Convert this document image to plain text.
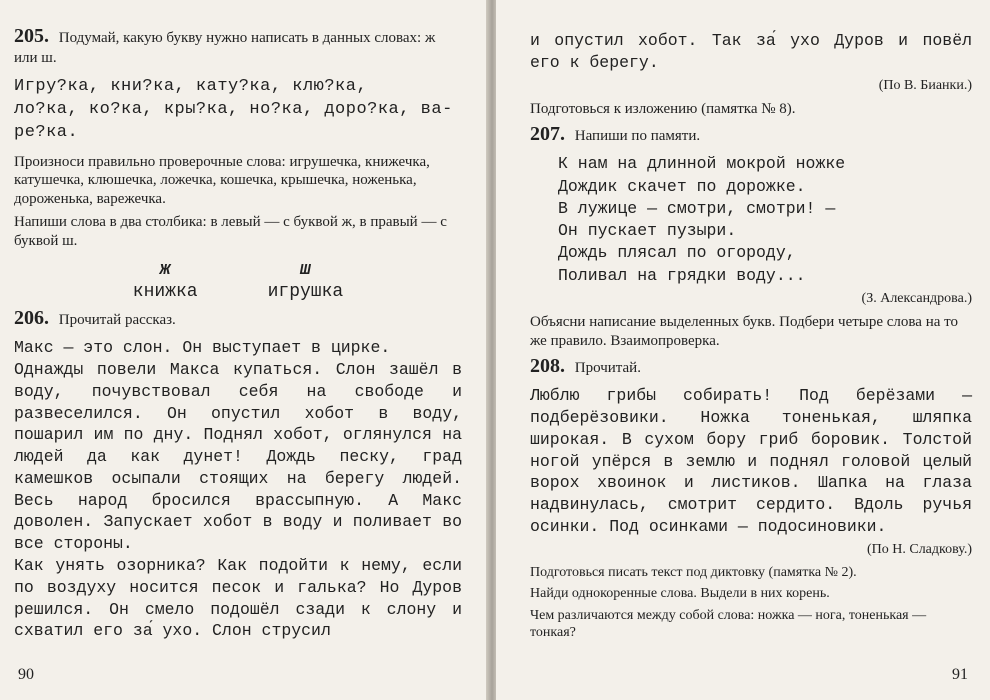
205. Подумай, какую букву нужно написать в данных словах: ж или ш.

Игру?ка, кни?ка, кату?ка, клю?ка,
ло?ка, ко?ка, кры?ка, но?ка, доро?ка, ва-
ре?ка.

Произноси правильно проверочные слова: игрушечка, книжечка, катушечка, клюшечка, ложечка, кошечка, крышечка, ноженька, дороженька, варежечка.

Напиши слова в два столбика: в левый — с буквой ж, в правый — с буквой ш.

ж
книжка
ш
игрушка

206. Прочитай рассказ.

Макс — это слон. Он выступает в цирке.
Однажды повели Макса купаться. Слон зашёл в воду, почувствовал себя на свободе и развеселился. Он опустил хобот в воду, пошарил им по дну. Поднял хобот, оглянулся на людей да как дунет! Дождь песку, град камешков осыпали стоящих на берегу людей. Весь народ бросился врассыпную. А Макс доволен. Запускает хобот в воду и поливает во все стороны.
Как унять озорника? Как подойти к нему, если по воздуху носится песок и галька? Но Дуров решился. Он смело подошёл сзади к слону и схватил его за́ ухо. Слон струсил
90
и опустил хобот. Так за́ ухо Дуров и повёл его к берегу.
(По В. Бианки.)

Подготовься к изложению (памятка № 8).

207. Напиши по памяти.

К нам на длинной мокрой ножке
Дождик скачет по дорожке.
В лужице — смотри, смотри! —
Он пускает пузыри.
Дождь плясал по огороду,
Поливал на грядки воду...
(З. Александрова.)

Объясни написание выделенных букв. Подбери четыре слова на то же правило. Взаимопроверка.

208. Прочитай.

Люблю грибы собирать! Под берёзами — подберёзовики. Ножка тоненькая, шляпка широкая. В сухом бору гриб боровик. Толстой ногой упёрся в землю и поднял головой целый ворох хвоинок и листиков. Шапка на глаза надвинулась, смотрит сердито. Вдоль ручья осинки. Под осинками — подосиновики.
(По Н. Сладкову.)

Подготовься писать текст под диктовку (памятка № 2).

Найди однокоренные слова. Выдели в них корень.

Чем различаются между собой слова: ножка — нога, тоненькая — тонкая?

91
